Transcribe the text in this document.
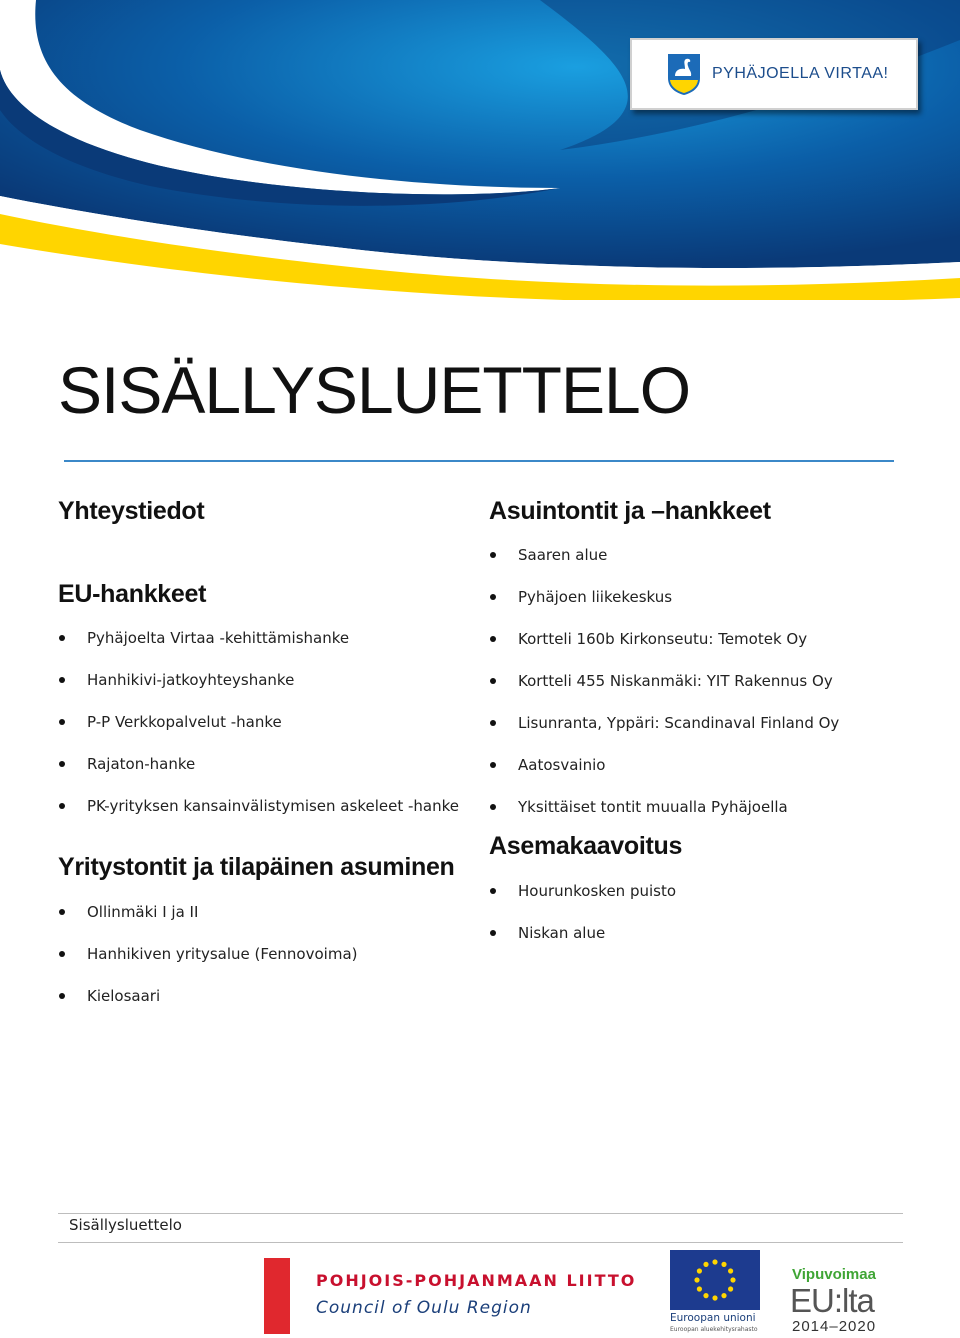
PYHÄJOELLA VIRTAA!
SISÄLLYSLUETTELO
Yhteystiedot
EU-hankkeet
Pyhäjoelta Virtaa -kehittämishanke
Hanhikivi-jatkoyhteyshanke
P-P Verkkopalvelut -hanke
Rajaton-hanke
PK-yrityksen kansainvälistymisen askeleet -hanke
Yritystontit ja tilapäinen asuminen
Ollinmäki I ja II
Hanhikiven yritysalue (Fennovoima)
Kielosaari
Asuintontit ja –hankkeet
Saaren alue
Pyhäjoen liikekeskus
Kortteli 160b Kirkonseutu: Temotek Oy
Kortteli 455 Niskanmäki: YIT Rakennus Oy
Lisunranta, Yppäri: Scandinaval Finland Oy
Aatosvainio
Yksittäiset tontit muualla Pyhäjoella
Asemakaavoitus
Hourunkosken puisto
Niskan alue
Sisällysluettelo
POHJOIS-POHJANMAAN LIITTO
Council of Oulu Region	Euroopan unioni
Euroopan aluekehitysrahasto
Vipuvoimaa
EU:lta
2014–2020
